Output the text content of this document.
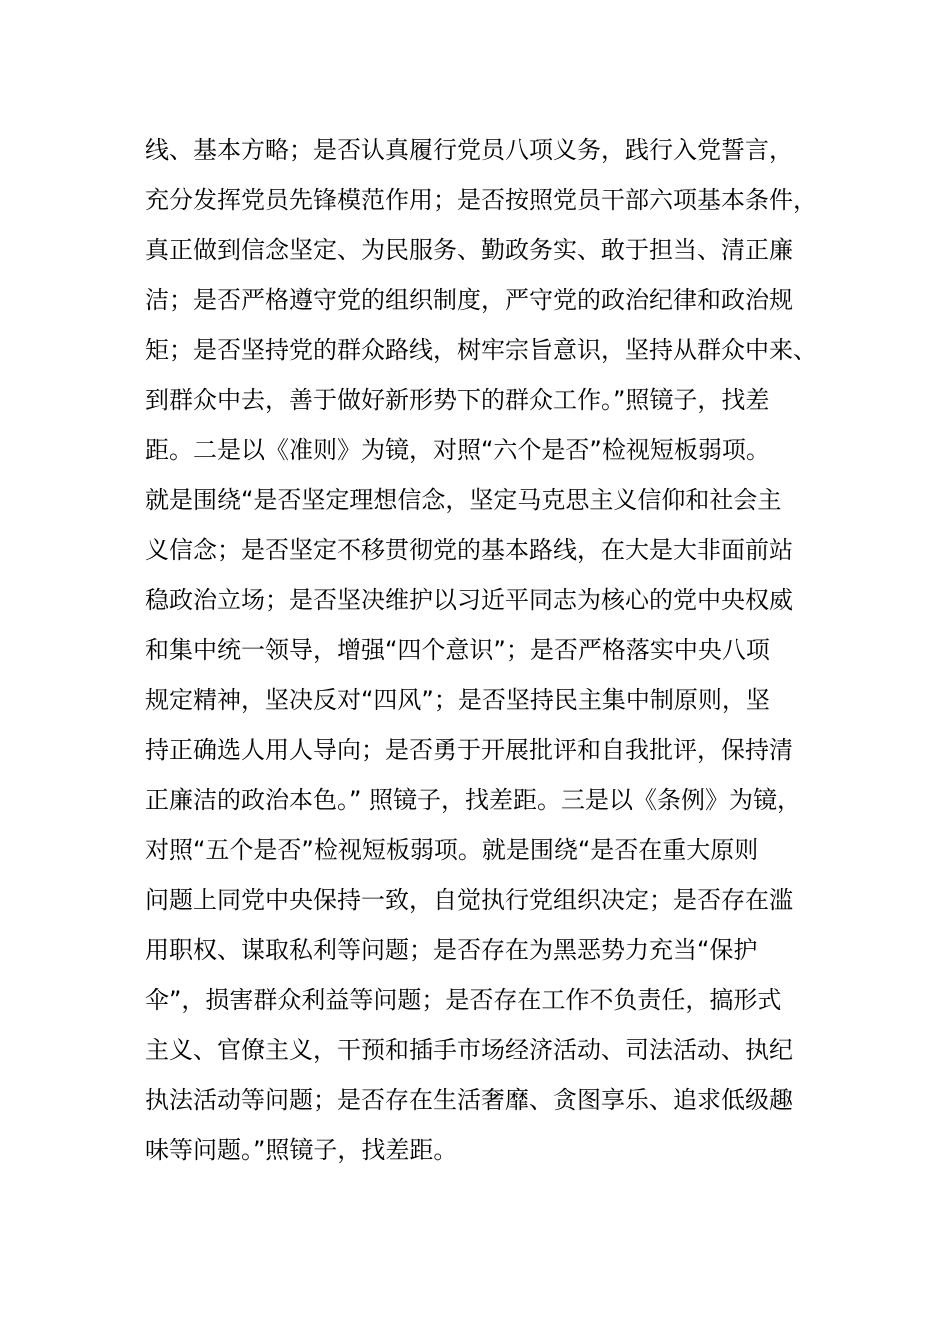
线、基本方略；是否认真履行党员八项义务，践行入党誓言，
充分发挥党员先锋模范作用；是否按照党员干部六项基本条件，
真正做到信念坚定、为民服务、勤政务实、敢于担当、清正廉
洁；是否严格遵守党的组织制度，严守党的政治纪律和政治规
矩；是否坚持党的群众路线，树牢宗旨意识，坚持从群众中来、
到群众中去，善于做好新形势下的群众工作。”照镜子，找差
距。二是以《准则》为镜，对照“六个是否”检视短板弱项。
就是围绕“是否坚定理想信念，坚定马克思主义信仰和社会主
义信念；是否坚定不移贯彻党的基本路线，在大是大非面前站
稳政治立场；是否坚决维护以习近平同志为核心的党中央权威
和集中统一领导，增强“四个意识”；是否严格落实中央八项
规定精神，坚决反对“四风”；是否坚持民主集中制原则，坚
持正确选人用人导向；是否勇于开展批评和自我批评，保持清
正廉洁的政治本色。” 照镜子，找差距。三是以《条例》为镜，
对照“五个是否”检视短板弱项。就是围绕“是否在重大原则
问题上同党中央保持一致，自觉执行党组织决定；是否存在滥
用职权、谋取私利等问题；是否存在为黑恶势力充当“保护
伞”，损害群众利益等问题；是否存在工作不负责任，搞形式
主义、官僚主义，干预和插手市场经济活动、司法活动、执纪
执法活动等问题；是否存在生活奢靡、贪图享乐、追求低级趣
味等问题。”照镜子，找差距。
